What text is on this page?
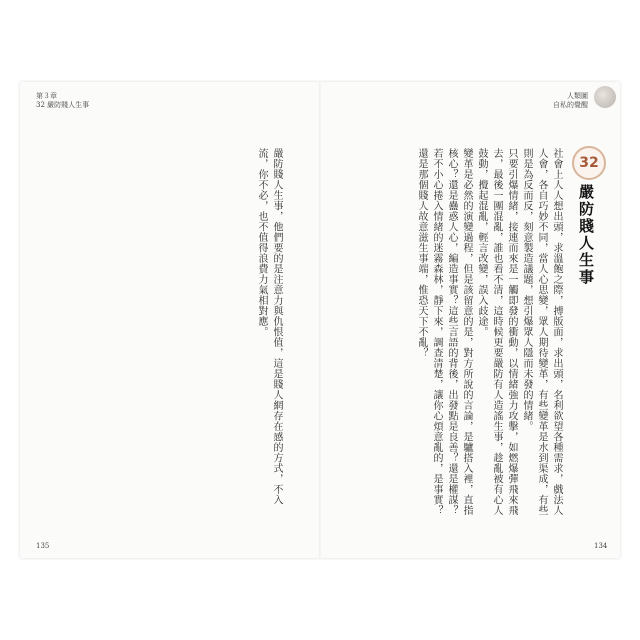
第３章
32 嚴防賤人生事
人類圖
自私的覺醒
32
嚴防賤人生事

社會上人人想出頭，求溫飽之際，搏版面，求出頭，名利欲望各種需求，戲法人人會，各自巧妙不同，當人心思變，眾人期待變革，有些變革是水到渠成，有些則是為反而反，刻意製造議題，想引爆眾人隱而未發的情緒。

只要引爆情緒，接連而來是一觸即發的衝動，以情緒強力攻擊，如燃爆彈飛來飛去，最後一團混亂，誰也看不清，這時候更要嚴防有人造謠生事，趁亂被有心人鼓動，攪起混亂，輕言改變，誤入歧途。

變革是必然的演變過程，但是該留意的是，對方所說的言論，是驢搭入裡，直指核心？還是蠱惑人心，編造事實？這些言語的背後，出發點是良善？還是權謀？

若不小心捲入情緒的迷霧森林，靜下來，調查清楚，讓你心煩意亂的，是事實？還是那個賤人故意滋生事端，惟恐天下不亂？

嚴防賤人生事，他們要的是注意力與仇恨值，這是賤人網存在感的方式，不入流，你不必，也不值得浪費力氣相對應。

135	134
